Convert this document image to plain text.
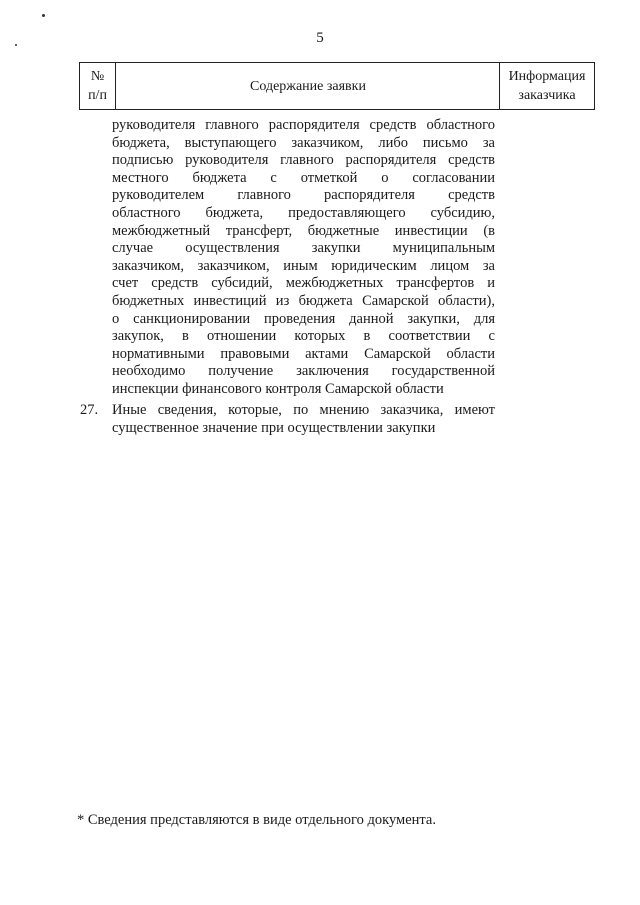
5
№
п/п
Содержание заявки
Информация
заказчика
руководителя главного распорядителя средств областного
бюджета, выступающего заказчиком, либо письмо за
подписью руководителя главного распорядителя средств
местного бюджета с отметкой о согласовании
руководителем главного распорядителя средств
областного бюджета, предоставляющего субсидию,
межбюджетный трансферт, бюджетные инвестиции (в
случае осуществления закупки муниципальным
заказчиком, заказчиком, иным юридическим лицом за
счет средств субсидий, межбюджетных трансфертов и
бюджетных инвестиций из бюджета Самарской области),
о санкционировании проведения данной закупки, для
закупок, в отношении которых в соответствии с
нормативными правовыми актами Самарской области
необходимо получение заключения государственной
инспекции финансового контроля Самарской области
27. Иные сведения, которые, по мнению заказчика, имеют
существенное значение при осуществлении закупки
* Сведения представляются в виде отдельного документа.
